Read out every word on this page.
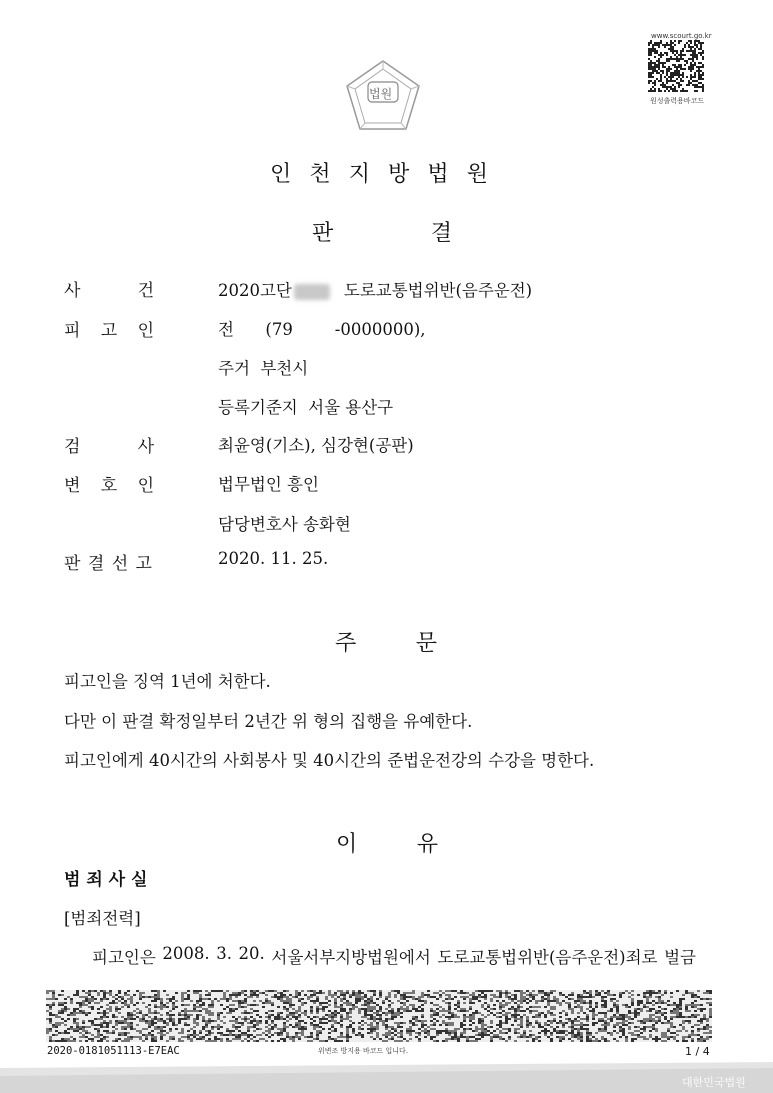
www.scourt.go.kr
원성출력용바코드
법원
인 천 지 방 법 원
판	결
사	건	2020고단	도로교통법위반(음주운전)
피 고 인	전      (79        -0000000),
주거  부천시
등록기준지  서울 용산구
검	사	최윤영(기소), 심강현(공판)
변 호 인	법무법인 흥인
담당변호사 송화현
판 결 선 고	2020. 11. 25.
주	문
피고인을 징역 1년에 처한다.
다만 이 판결 확정일부터 2년간 위 형의 집행을 유예한다.
피고인에게 40시간의 사회봉사 및 40시간의 준법운전강의 수강을 명한다.
이	유
범 죄 사 실
[범죄전력]
피고인은 2008. 3. 20. 서울서부지방법원에서 도로교통법위반(음주운전)죄로 벌금
2020-0181051113-E7EAC	위변조 방지용 바코드 입니다.	1 / 4
대한민국법원
